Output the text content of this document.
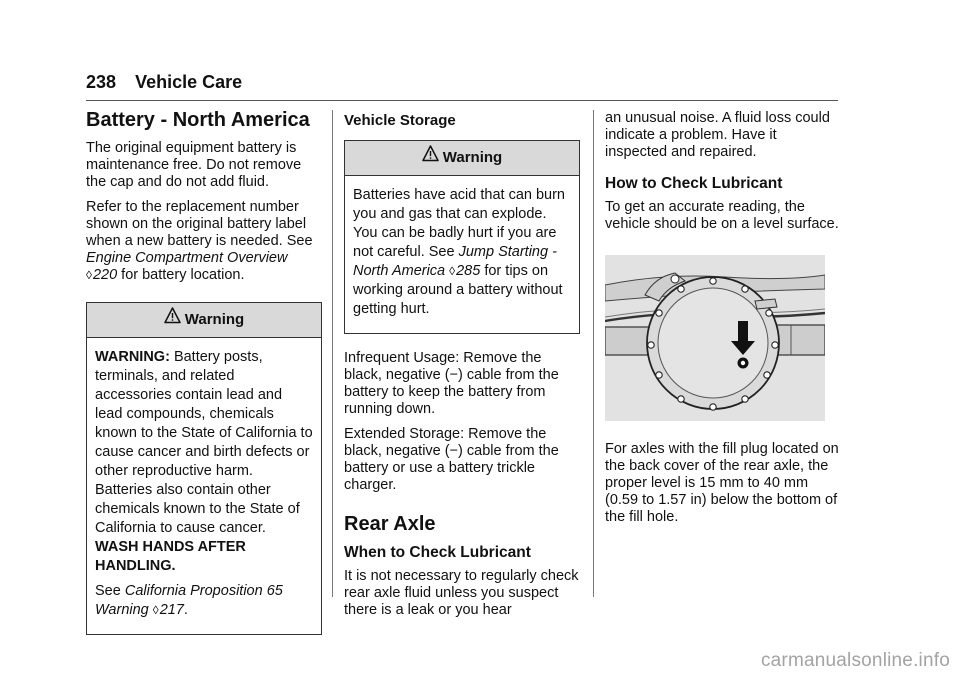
238 Vehicle Care
Battery - North America

The original equipment battery is maintenance free. Do not remove the cap and do not add fluid.

Refer to the replacement number shown on the original battery label when a new battery is needed. See Engine Compartment Overview
◊220 for battery location.

Warning

WARNING: Battery posts, terminals, and related accessories contain lead and lead compounds, chemicals known to the State of California to cause cancer and birth defects or other reproductive harm. Batteries also contain other chemicals known to the State of California to cause cancer. WASH HANDS AFTER HANDLING.

See California Proposition 65 Warning ◊217.

Vehicle Storage
Warning

Batteries have acid that can burn you and gas that can explode. You can be badly hurt if you are not careful. See Jump Starting - North America ◊285 for tips on working around a battery without getting hurt.

Infrequent Usage: Remove the black, negative (−) cable from the battery to keep the battery from running down.

Extended Storage: Remove the black, negative (−) cable from the battery or use a battery trickle charger.

Rear Axle
When to Check Lubricant

It is not necessary to regularly check rear axle fluid unless you suspect there is a leak or you hear

an unusual noise. A fluid loss could indicate a problem. Have it inspected and repaired.

How to Check Lubricant

To get an accurate reading, the vehicle should be on a level surface.

For axles with the fill plug located on the back cover of the rear axle, the proper level is 15 mm to 40 mm (0.59 to 1.57 in) below the bottom of the fill hole.

carmanualsonline.info
